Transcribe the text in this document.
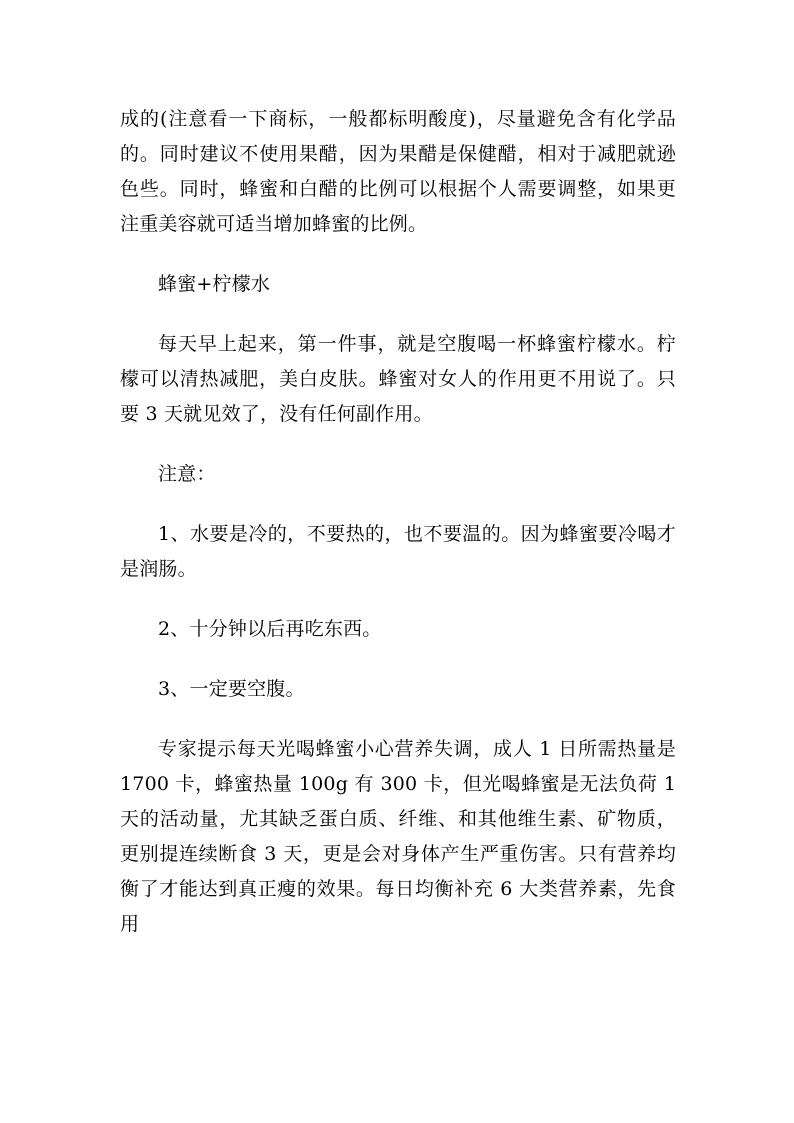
成的(注意看一下商标，一般都标明酸度)，尽量避免含有化学品的。同时建议不使用果醋，因为果醋是保健醋，相对于减肥就逊色些。同时，蜂蜜和白醋的比例可以根据个人需要调整，如果更注重美容就可适当增加蜂蜜的比例。

蜂蜜+柠檬水

每天早上起来，第一件事，就是空腹喝一杯蜂蜜柠檬水。柠檬可以清热减肥，美白皮肤。蜂蜜对女人的作用更不用说了。只要 3 天就见效了，没有任何副作用。

注意：

1、水要是冷的，不要热的，也不要温的。因为蜂蜜要冷喝才是润肠。

2、十分钟以后再吃东西。

3、一定要空腹。

专家提示每天光喝蜂蜜小心营养失调，成人 1 日所需热量是 1700 卡，蜂蜜热量 100g 有 300 卡，但光喝蜂蜜是无法负荷 1 天的活动量，尤其缺乏蛋白质、纤维、和其他维生素、矿物质，更别提连续断食 3 天，更是会对身体产生严重伤害。只有营养均衡了才能达到真正瘦的效果。每日均衡补充 6 大类营养素，先食用
